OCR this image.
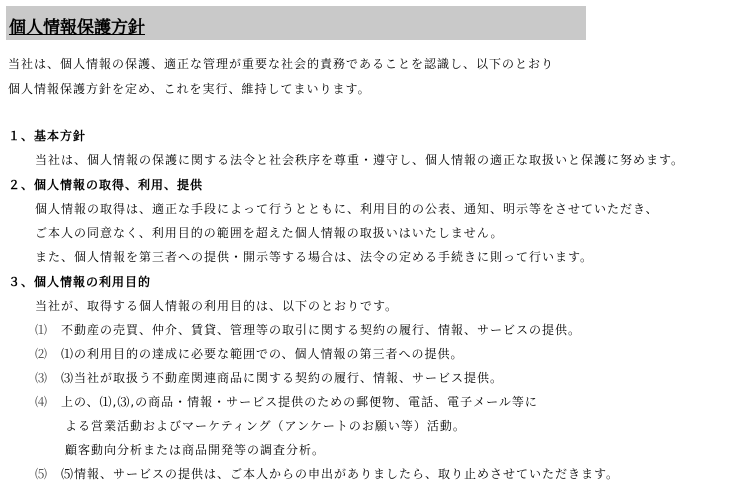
個人情報保護方針
当社は、個人情報の保護、適正な管理が重要な社会的責務であることを認識し、以下のとおり
個人情報保護方針を定め、これを実行、維持してまいります。
１、基本方針
当社は、個人情報の保護に関する法令と社会秩序を尊重・遵守し、個人情報の適正な取扱いと保護に努めます。
２、個人情報の取得、利用、提供
個人情報の取得は、適正な手段によって行うとともに、利用目的の公表、通知、明示等をさせていただき、
ご本人の同意なく、利用目的の範囲を超えた個人情報の取扱いはいたしません。
また、個人情報を第三者への提供・開示等する場合は、法令の定める手続きに則って行います。
３、個人情報の利用目的
当社が、取得する個人情報の利用目的は、以下のとおりです。
⑴ 不動産の売買、仲介、賃貸、管理等の取引に関する契約の履行、情報、サービスの提供。
⑵ ⑴の利用目的の達成に必要な範囲での、個人情報の第三者への提供。
⑶ ⑶当社が取扱う不動産関連商品に関する契約の履行、情報、サービス提供。
⑷ 上の、⑴,⑶,の商品・情報・サービス提供のための郵便物、電話、電子メール等に
よる営業活動およびマーケティング（アンケートのお願い等）活動。
顧客動向分析または商品開発等の調査分析。
⑸ ⑸情報、サービスの提供は、ご本人からの申出がありましたら、取り止めさせていただきます。
